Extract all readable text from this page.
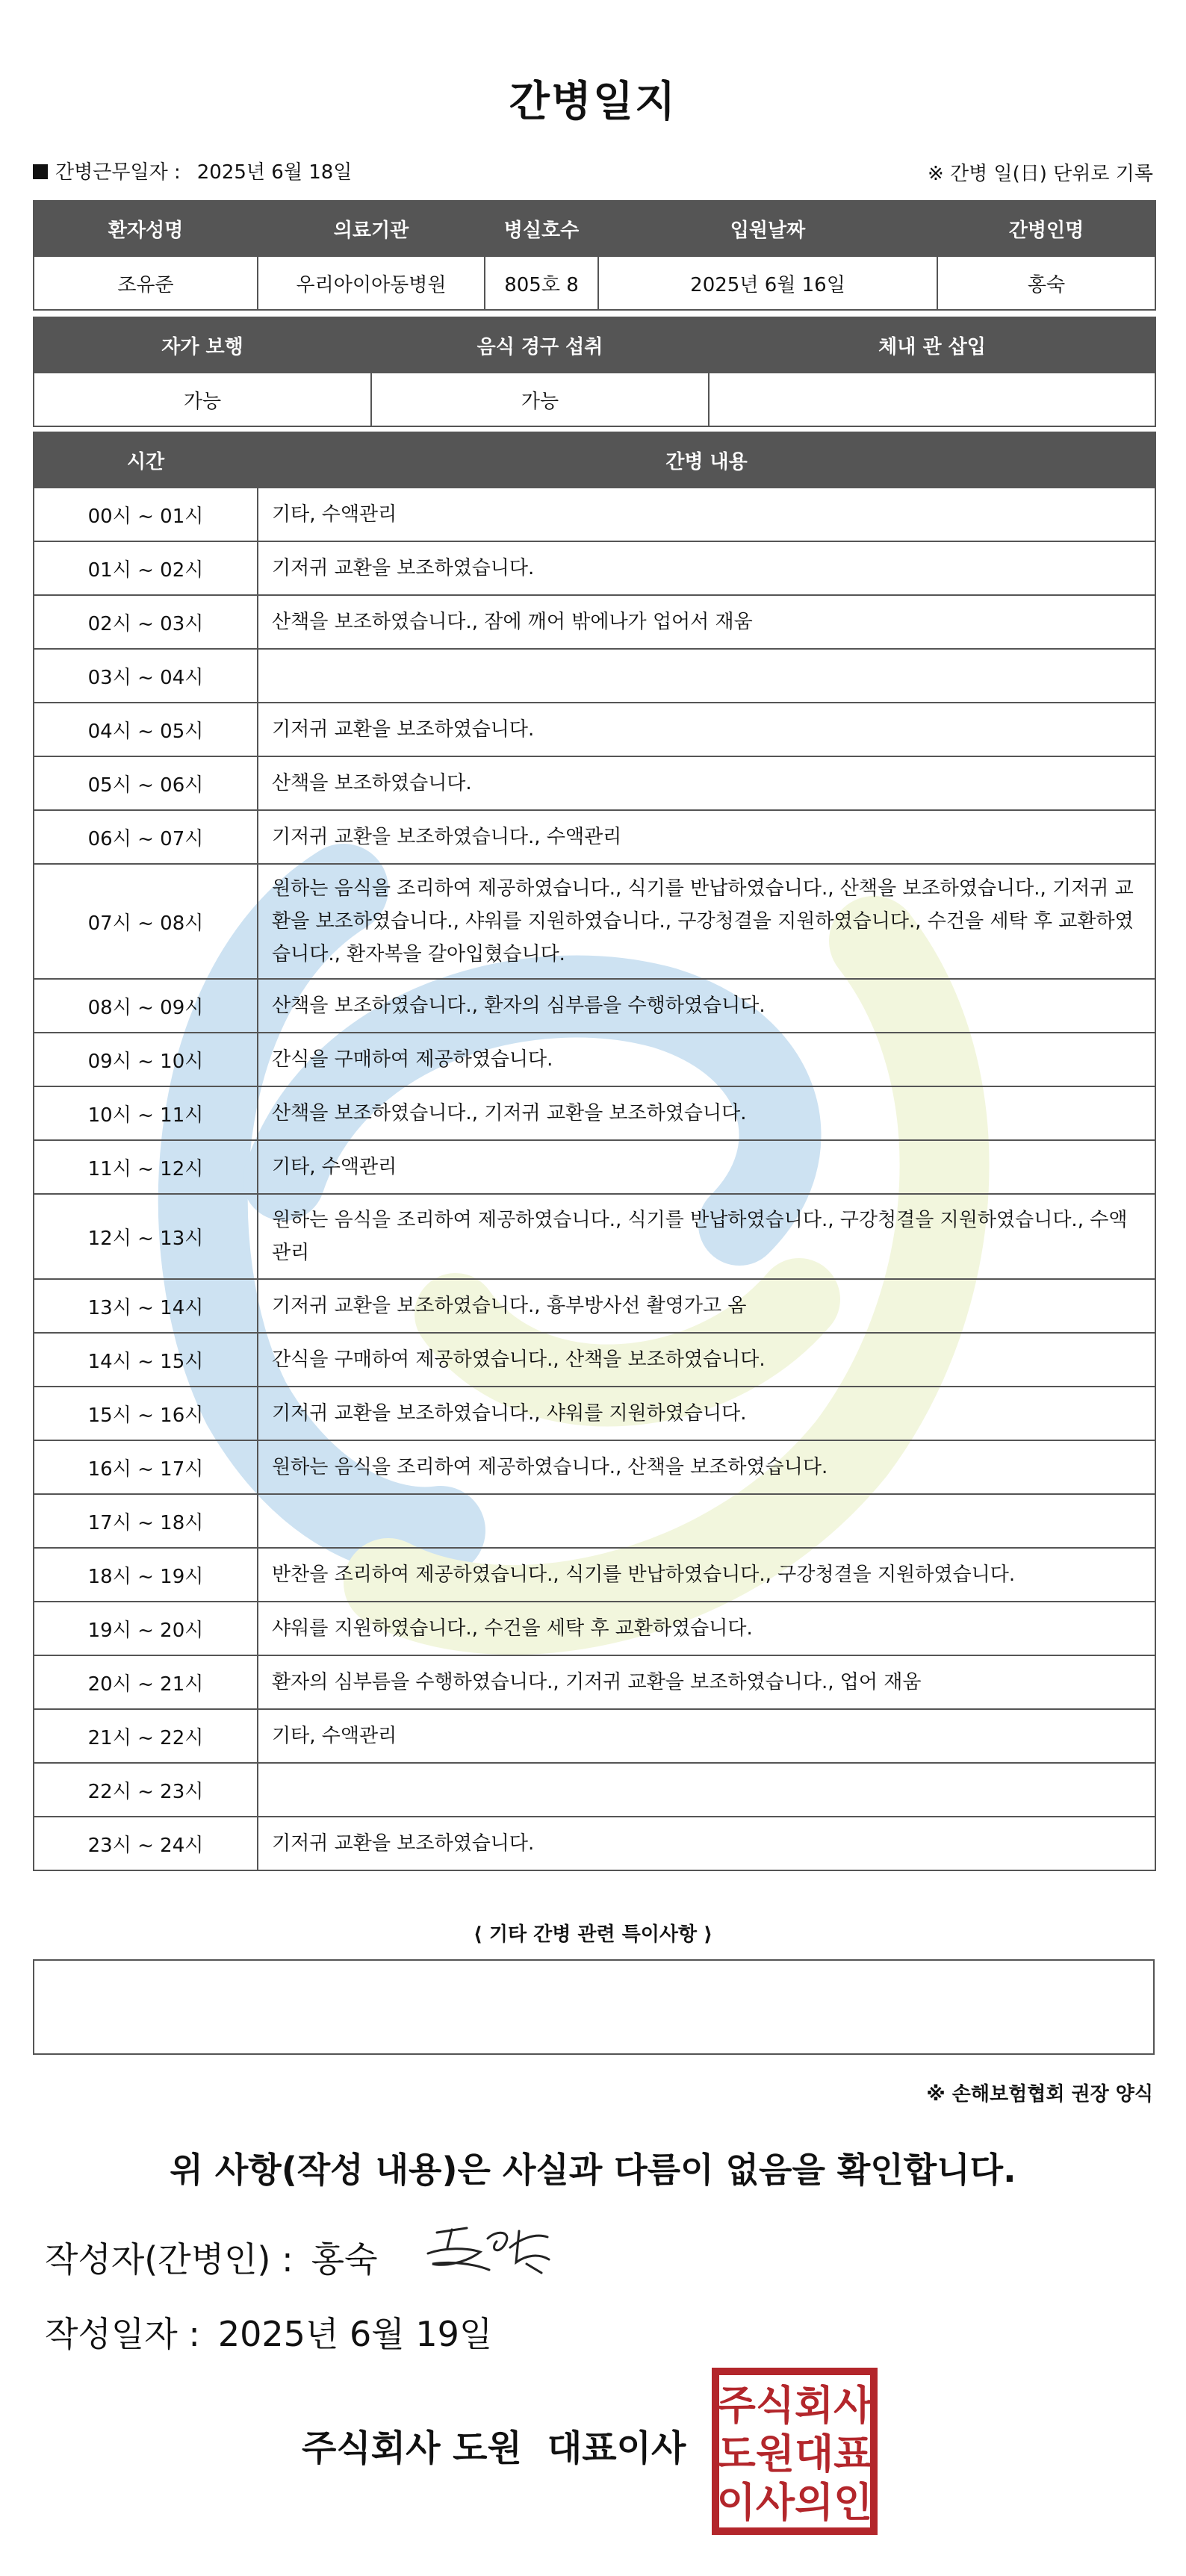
간병일지
간병근무일자 : 2025년 6월 18일	※ 간병 일(日) 단위로 기록
환자성명	의료기관	병실호수	입원날짜	간병인명
조유준	우리아이아동병원	805호 8	2025년 6월 16일	홍숙
자가 보행	음식 경구 섭취	체내 관 삽입
가능	가능	
시간	간병 내용
00시 ~ 01시	기타, 수액관리
01시 ~ 02시	기저귀 교환을 보조하였습니다.
02시 ~ 03시	산책을 보조하였습니다., 잠에 깨어 밖에나가 업어서 재움
03시 ~ 04시	
04시 ~ 05시	기저귀 교환을 보조하였습니다.
05시 ~ 06시	산책을 보조하였습니다.
06시 ~ 07시	기저귀 교환을 보조하였습니다., 수액관리
07시 ~ 08시	원하는 음식을 조리하여 제공하였습니다., 식기를 반납하였습니다., 산책을 보조하였습니다., 기저귀 교환을 보조하였습니다., 샤워를 지원하였습니다., 구강청결을 지원하였습니다., 수건을 세탁 후 교환하였습니다., 환자복을 갈아입혔습니다.
08시 ~ 09시	산책을 보조하였습니다., 환자의 심부름을 수행하였습니다.
09시 ~ 10시	간식을 구매하여 제공하였습니다.
10시 ~ 11시	산책을 보조하였습니다., 기저귀 교환을 보조하였습니다.
11시 ~ 12시	기타, 수액관리
12시 ~ 13시	원하는 음식을 조리하여 제공하였습니다., 식기를 반납하였습니다., 구강청결을 지원하였습니다., 수액관리
13시 ~ 14시	기저귀 교환을 보조하였습니다., 흉부방사선 촬영가고 옴
14시 ~ 15시	간식을 구매하여 제공하였습니다., 산책을 보조하였습니다.
15시 ~ 16시	기저귀 교환을 보조하였습니다., 샤워를 지원하였습니다.
16시 ~ 17시	원하는 음식을 조리하여 제공하였습니다., 산책을 보조하였습니다.
17시 ~ 18시	
18시 ~ 19시	반찬을 조리하여 제공하였습니다., 식기를 반납하였습니다., 구강청결을 지원하였습니다.
19시 ~ 20시	샤워를 지원하였습니다., 수건을 세탁 후 교환하였습니다.
20시 ~ 21시	환자의 심부름을 수행하였습니다., 기저귀 교환을 보조하였습니다., 업어 재움
21시 ~ 22시	기타, 수액관리
22시 ~ 23시	
23시 ~ 24시	기저귀 교환을 보조하였습니다.
⟨ 기타 간병 관련 특이사항 ⟩
※ 손해보험협회 권장 양식
위 사항(작성 내용)은 사실과 다름이 없음을 확인합니다.
작성자(간병인) : 홍숙
작성일자 : 2025년 6월 19일
주식회사 도원 대표이사
주식회사
도원대표
이사의인
